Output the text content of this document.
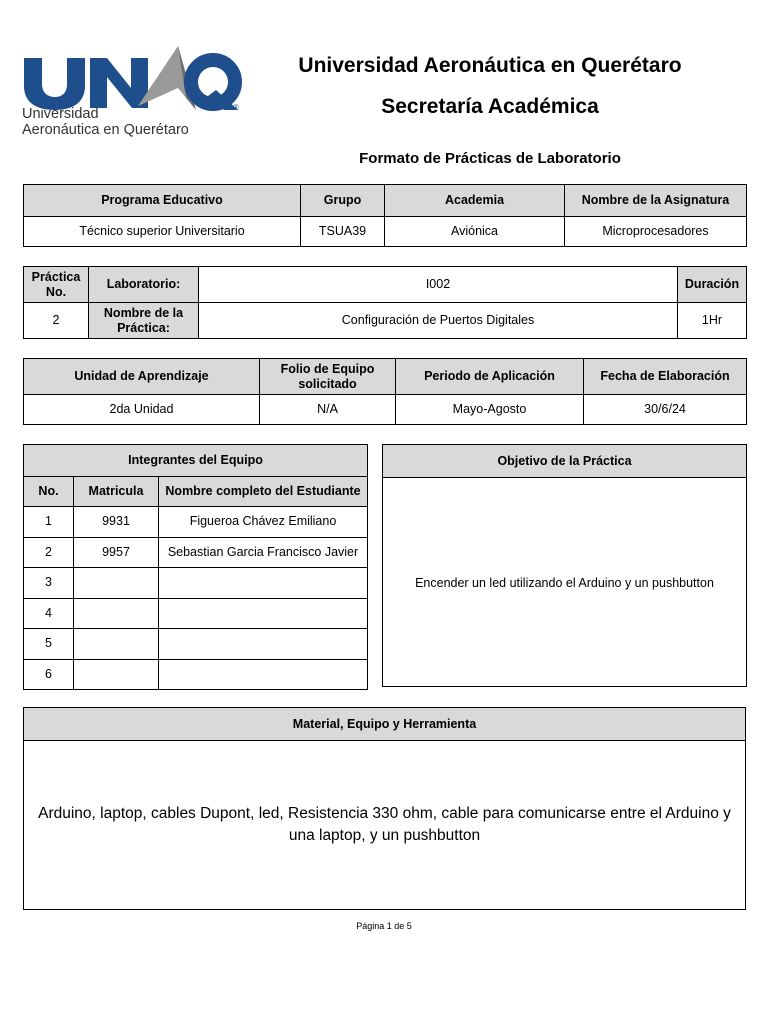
®
Universidad
Aeronáutica en Querétaro
Universidad Aeronáutica en Querétaro
Secretaría Académica
Formato de Prácticas de Laboratorio
Programa Educativo	Grupo	Academia	Nombre de la Asignatura
Técnico superior Universitario	TSUA39	Aviónica	Microprocesadores
Práctica No.	Laboratorio:	I002	Duración
2	Nombre de la Práctica:	Configuración de Puertos Digitales	1Hr
Unidad de Aprendizaje	Folio de Equipo solicitado	Periodo de Aplicación	Fecha de Elaboración
2da Unidad	N/A	Mayo-Agosto	30/6/24
Integrantes del Equipo		
No.	Matricula	Nombre completo del Estudiante
1	9931	Figueroa Chávez Emiliano
2	9957	Sebastian Garcia Francisco Javier
3		
4		
5		
6		
Objetivo de la Práctica
Encender un led utilizando el Arduino y un pushbutton
Material, Equipo y Herramienta
Arduino, laptop, cables Dupont, led, Resistencia 330 ohm, cable para comunicarse entre el Arduino y una laptop, y un pushbutton
Página 1 de 5
